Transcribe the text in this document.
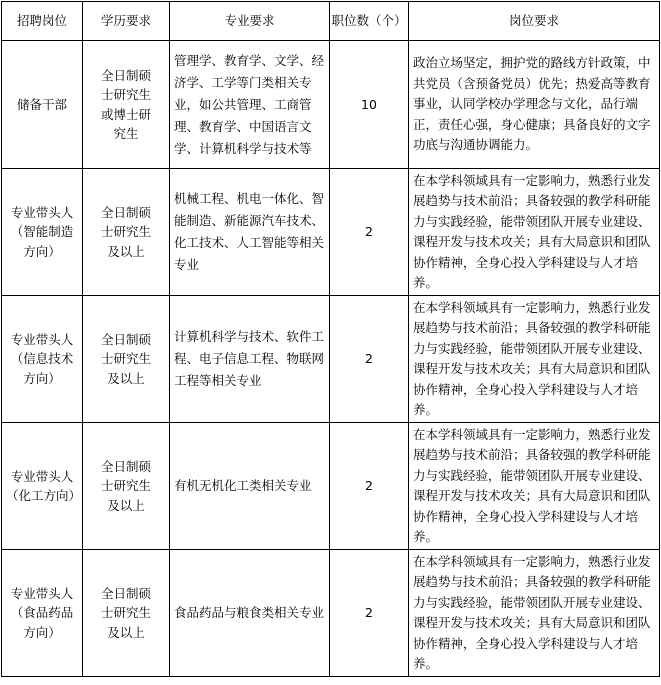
招聘岗位	学历要求	专业要求	职位数（个）	岗位要求
储备干部	全日制硕士研究生或博士研究生	管理学、教育学、文学、经济学、工学等门类相关专业，如公共管理、工商管理、教育学、中国语言文学、计算机科学与技术等	10	政治立场坚定，拥护党的路线方针政策，中共党员（含预备党员）优先；热爱高等教育事业，认同学校办学理念与文化，品行端正，责任心强，身心健康；具备良好的文字功底与沟通协调能力。
专业带头人（智能制造方向）	全日制硕士研究生及以上	机械工程、机电一体化、智能制造、新能源汽车技术、化工技术、人工智能等相关专业	2	在本学科领域具有一定影响力，熟悉行业发展趋势与技术前沿；具备较强的教学科研能力与实践经验，能带领团队开展专业建设、课程开发与技术攻关；具有大局意识和团队协作精神，全身心投入学科建设与人才培养。
专业带头人（信息技术方向）	全日制硕士研究生及以上	计算机科学与技术、软件工程、电子信息工程、物联网工程等相关专业	2	在本学科领域具有一定影响力，熟悉行业发展趋势与技术前沿；具备较强的教学科研能力与实践经验，能带领团队开展专业建设、课程开发与技术攻关；具有大局意识和团队协作精神，全身心投入学科建设与人才培养。
专业带头人（化工方向）	全日制硕士研究生及以上	有机无机化工类相关专业	2	在本学科领域具有一定影响力，熟悉行业发展趋势与技术前沿；具备较强的教学科研能力与实践经验，能带领团队开展专业建设、课程开发与技术攻关；具有大局意识和团队协作精神，全身心投入学科建设与人才培养。
专业带头人（食品药品方向）	全日制硕士研究生及以上	食品药品与粮食类相关专业	2	在本学科领域具有一定影响力，熟悉行业发展趋势与技术前沿；具备较强的教学科研能力与实践经验，能带领团队开展专业建设、课程开发与技术攻关；具有大局意识和团队协作精神，全身心投入学科建设与人才培养。
